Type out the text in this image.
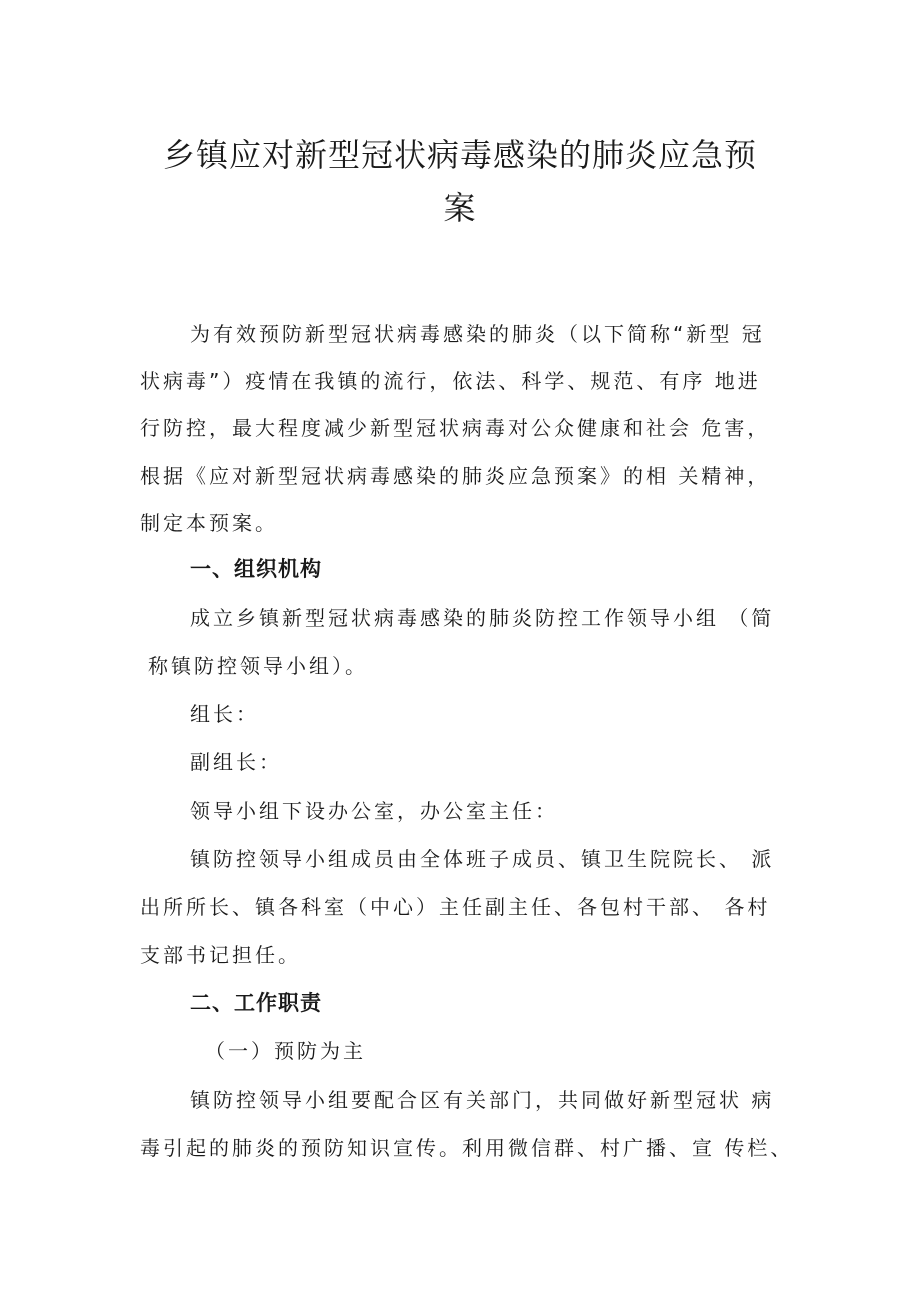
乡镇应对新型冠状病毒感染的肺炎应急预
案
为有效预防新型冠状病毒感染的肺炎（以下简称“新型 冠
状病毒”）疫情在我镇的流行，依法、科学、规范、有序 地进
行防控，最大程度减少新型冠状病毒对公众健康和社会 危害，
根据《应对新型冠状病毒感染的肺炎应急预案》的相 关精神，
制定本预案。
一、组织机构
成立乡镇新型冠状病毒感染的肺炎防控工作领导小组 （简
称镇防控领导小组）。
组长：
副组长：
领导小组下设办公室，办公室主任：
镇防控领导小组成员由全体班子成员、镇卫生院院长、 派
出所所长、镇各科室（中心）主任副主任、各包村干部、 各村
支部书记担任。
二、工作职责
（一）预防为主
镇防控领导小组要配合区有关部门，共同做好新型冠状 病
毒引起的肺炎的预防知识宣传。利用微信群、村广播、宣 传栏、
